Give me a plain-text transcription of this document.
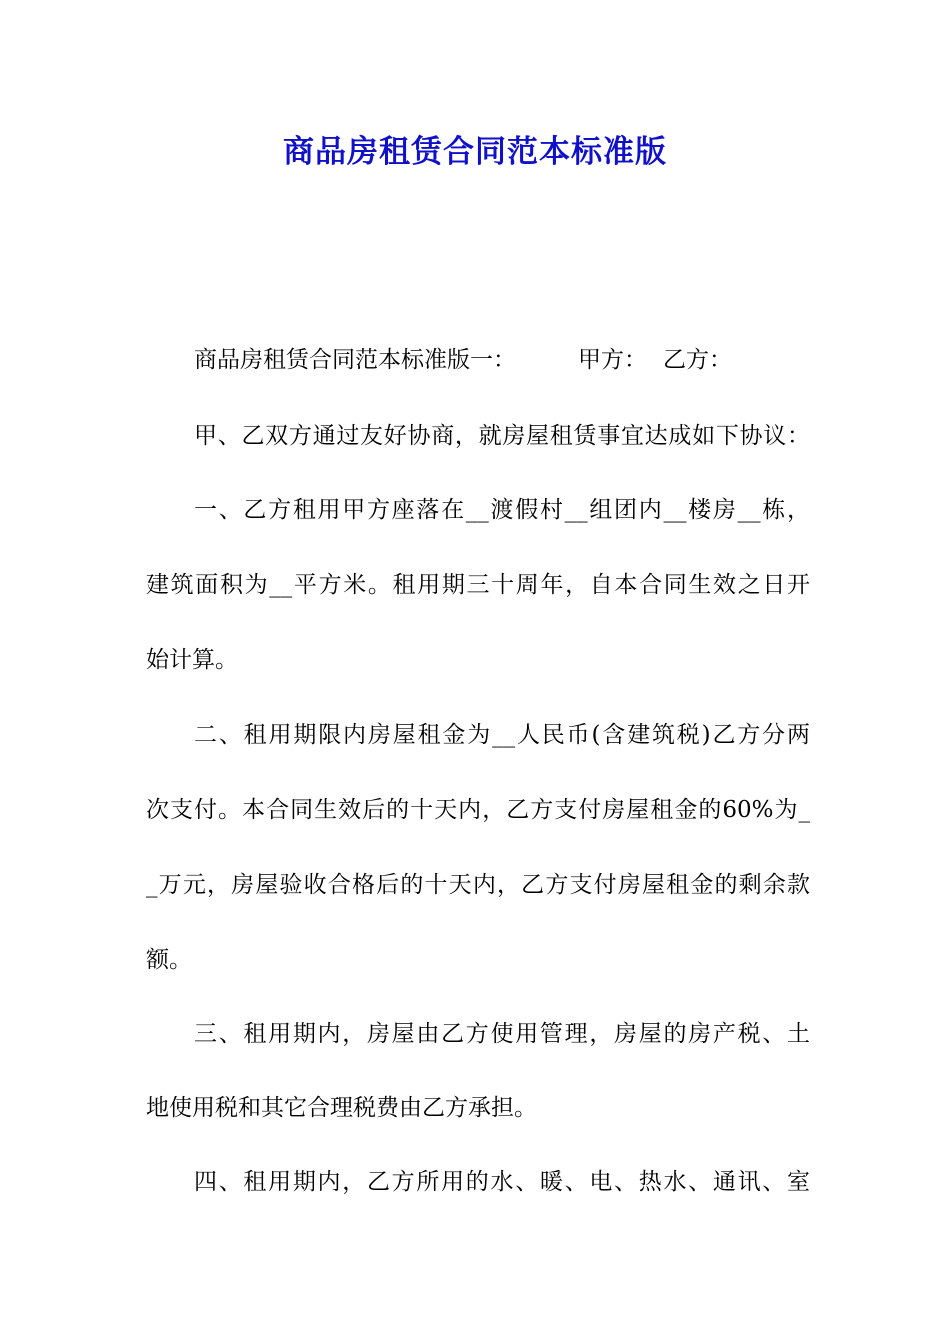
商品房租赁合同范本标准版
商品房租赁合同范本标准版一：	甲方： 乙方：
甲、乙双方通过友好协商，就房屋租赁事宜达成如下协议：
一、乙方租用甲方座落在__渡假村__组团内__楼房__栋，
建筑面积为__平方米。租用期三十周年，自本合同生效之日开
始计算。
二、租用期限内房屋租金为__人民币(含建筑税)乙方分两
次支付。本合同生效后的十天内，乙方支付房屋租金的60%为_
_万元，房屋验收合格后的十天内，乙方支付房屋租金的剩余款
额。
三、租用期内，房屋由乙方使用管理，房屋的房产税、土
地使用税和其它合理税费由乙方承担。
四、租用期内，乙方所用的水、暖、电、热水、通讯、室
